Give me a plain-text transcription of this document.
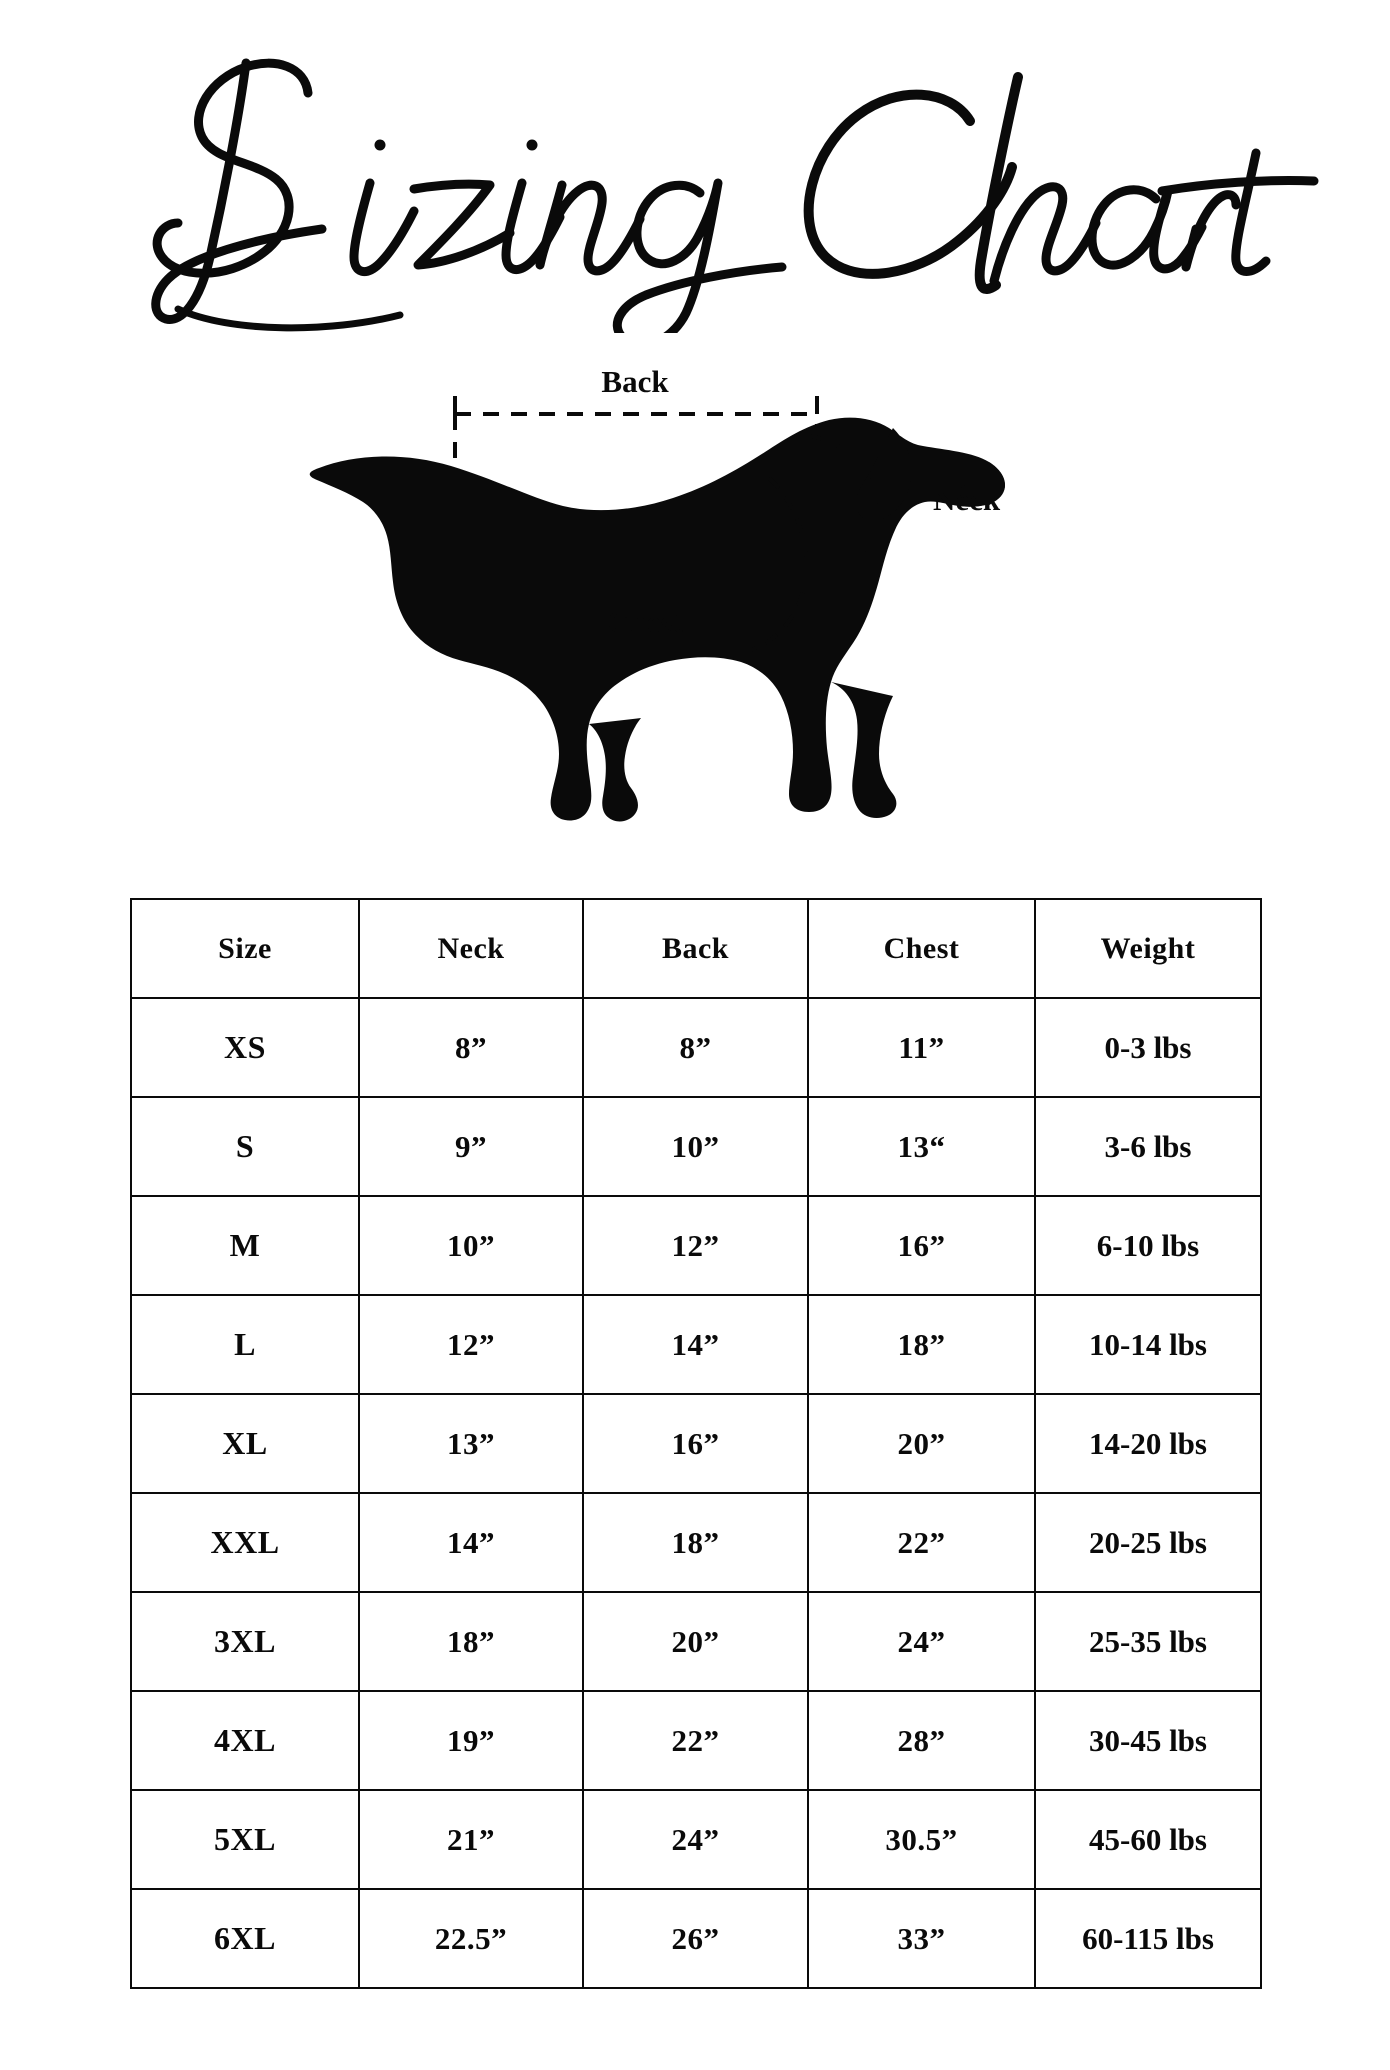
Back
Neck
Chest
Size	Neck	Back	Chest	Weight
XS	8”	8”	11”	0-3 lbs
S	9”	10”	13“	3-6 lbs
M	10”	12”	16”	6-10 lbs
L	12”	14”	18”	10-14 lbs
XL	13”	16”	20”	14-20 lbs
XXL	14”	18”	22”	20-25 lbs
3XL	18”	20”	24”	25-35 lbs
4XL	19”	22”	28”	30-45 lbs
5XL	21”	24”	30.5”	45-60 lbs
6XL	22.5”	26”	33”	60-115 lbs
